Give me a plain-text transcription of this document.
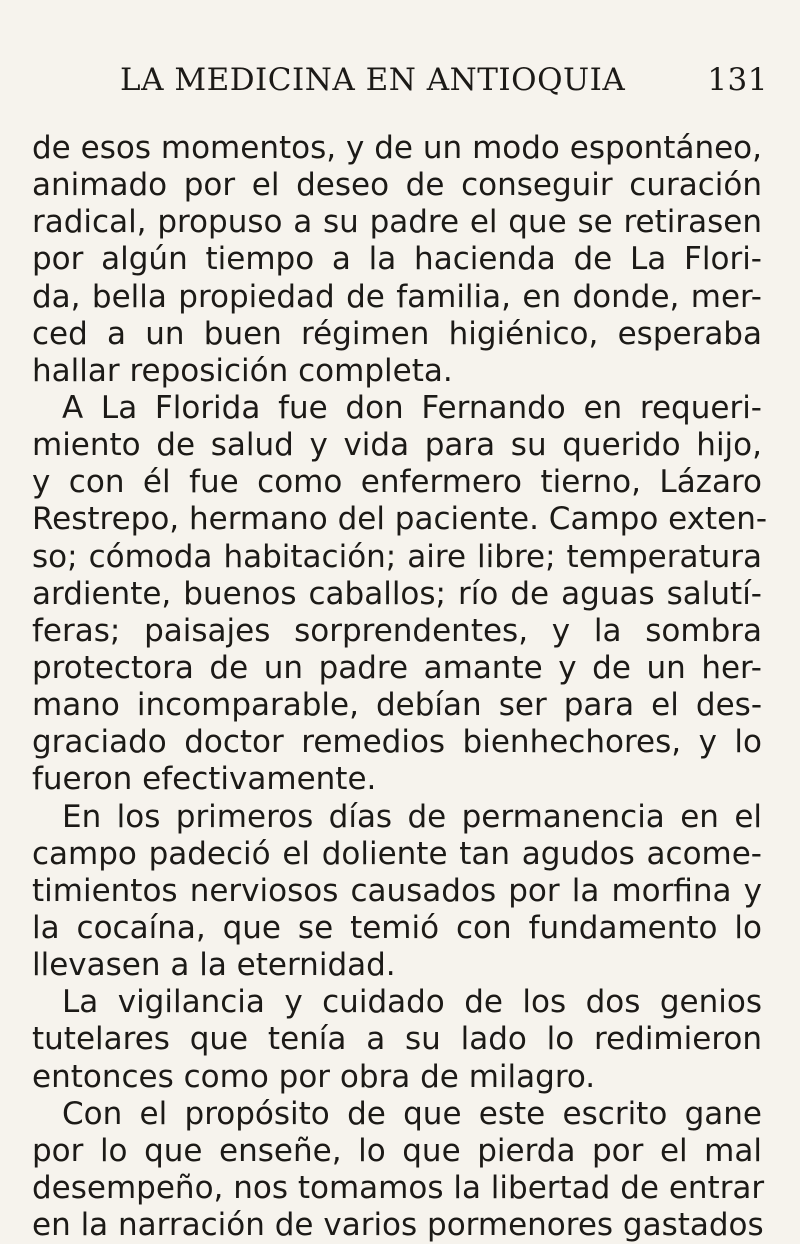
LA MEDICINA EN ANTIOQUIA	131
de esos momentos, y de un modo espontáneo,
animado por el deseo de conseguir curación
radical, propuso a su padre el que se retirasen
por algún tiempo a la hacienda de La Flori-
da, bella propiedad de familia, en donde, mer-
ced a un buen régimen higiénico, esperaba
hallar reposición completa.
A La Florida fue don Fernando en requeri-
miento de salud y vida para su querido hijo,
y con él fue como enfermero tierno, Lázaro
Restrepo, hermano del paciente. Campo exten-
so; cómoda habitación; aire libre; temperatura
ardiente, buenos caballos; río de aguas salutí-
feras; paisajes sorprendentes, y la sombra
protectora de un padre amante y de un her-
mano incomparable, debían ser para el des-
graciado doctor remedios bienhechores, y lo
fueron efectivamente.
En los primeros días de permanencia en el
campo padeció el doliente tan agudos acome-
timientos nerviosos causados por la morfina y
la cocaína, que se temió con fundamento lo
llevasen a la eternidad.
La vigilancia y cuidado de los dos genios
tutelares que tenía a su lado lo redimieron
entonces como por obra de milagro.
Con el propósito de que este escrito gane
por lo que enseñe, lo que pierda por el mal
desempeño, nos tomamos la libertad de entrar
en la narración de varios pormenores gastados
